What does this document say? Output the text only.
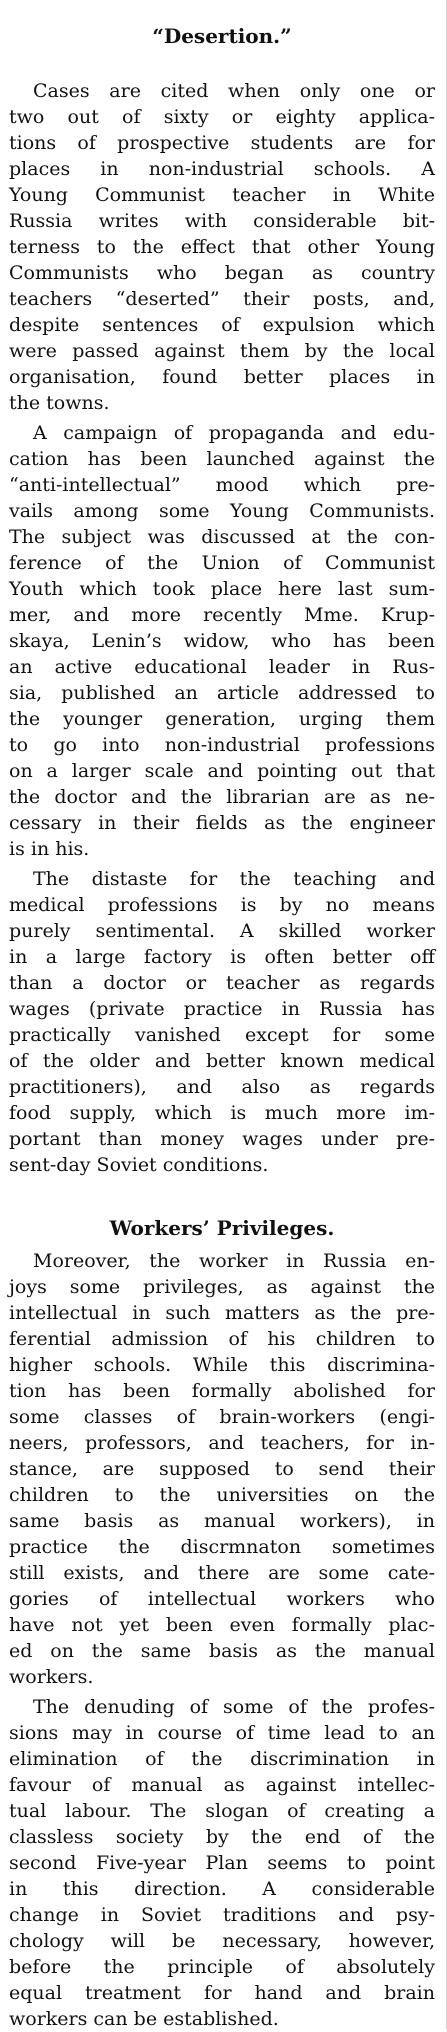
“Desertion.”
Cases are cited when only one or
two out of sixty or eighty applica-
tions of prospective students are for
places in non-industrial schools. A
Young Communist teacher in White
Russia writes with considerable bit-
terness to the effect that other Young
Communists who began as country
teachers “deserted” their posts, and,
despite sentences of expulsion which
were passed against them by the local
organisation, found better places in
the towns.
A campaign of propaganda and edu-
cation has been launched against the
“anti-intellectual” mood which pre-
vails among some Young Communists.
The subject was discussed at the con-
ference of the Union of Communist
Youth which took place here last sum-
mer, and more recently Mme. Krup-
skaya, Lenin’s widow, who has been
an active educational leader in Rus-
sia, published an article addressed to
the younger generation, urging them
to go into non-industrial professions
on a larger scale and pointing out that
the doctor and the librarian are as ne-
cessary in their fields as the engineer
is in his.
The distaste for the teaching and
medical professions is by no means
purely sentimental. A skilled worker
in a large factory is often better off
than a doctor or teacher as regards
wages (private practice in Russia has
practically vanished except for some
of the older and better known medical
practitioners), and also as regards
food supply, which is much more im-
portant than money wages under pre-
sent-day Soviet conditions.
Workers’ Privileges.
Moreover, the worker in Russia en-
joys some privileges, as against the
intellectual in such matters as the pre-
ferential admission of his children to
higher schools. While this discrimina-
tion has been formally abolished for
some classes of brain-workers (engi-
neers, professors, and teachers, for in-
stance, are supposed to send their
children to the universities on the
same basis as manual workers), in
practice the discrmnaton sometimes
still exists, and there are some cate-
gories of intellectual workers who
have not yet been even formally plac-
ed on the same basis as the manual
workers.
The denuding of some of the profes-
sions may in course of time lead to an
elimination of the discrimination in
favour of manual as against intellec-
tual labour. The slogan of creating a
classless society by the end of the
second Five-year Plan seems to point
in this direction. A considerable
change in Soviet traditions and psy-
chology will be necessary, however,
before the principle of absolutely
equal treatment for hand and brain
workers can be established.
